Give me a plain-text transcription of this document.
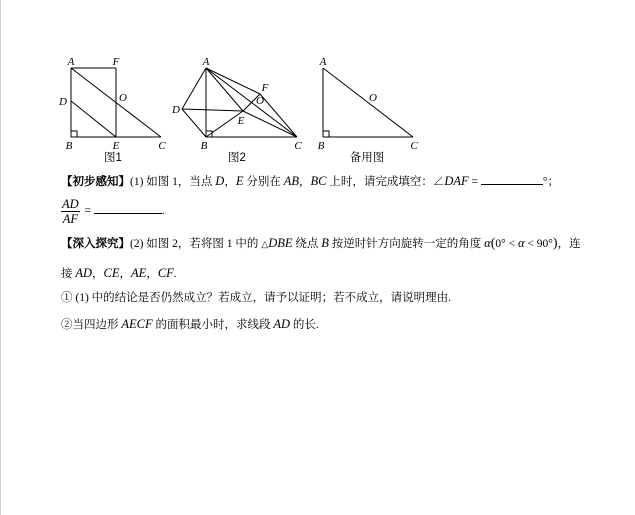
A	F
D	O
B	E	C
图1
A
D
F
O
E
B	C
图2
A
O
B	C
备用图
【初步感知】(1) 如图 1，当点 D，E 分别在 AB，BC 上时，请完成填空：∠DAF =	°；
$\frac{AD}{AF}$ =	.
【深入探究】(2) 如图 2，若将图 1 中的 △DBE 绕点 B 按逆时针方向旋转一定的角度 α(0° < α < 90°)，连
接 AD，CE，AE，CF.
① (1) 中的结论是否仍然成立？若成立，请予以证明；若不成立，请说明理由.
②当四边形 AECF 的面积最小时，求线段 AD 的长.
